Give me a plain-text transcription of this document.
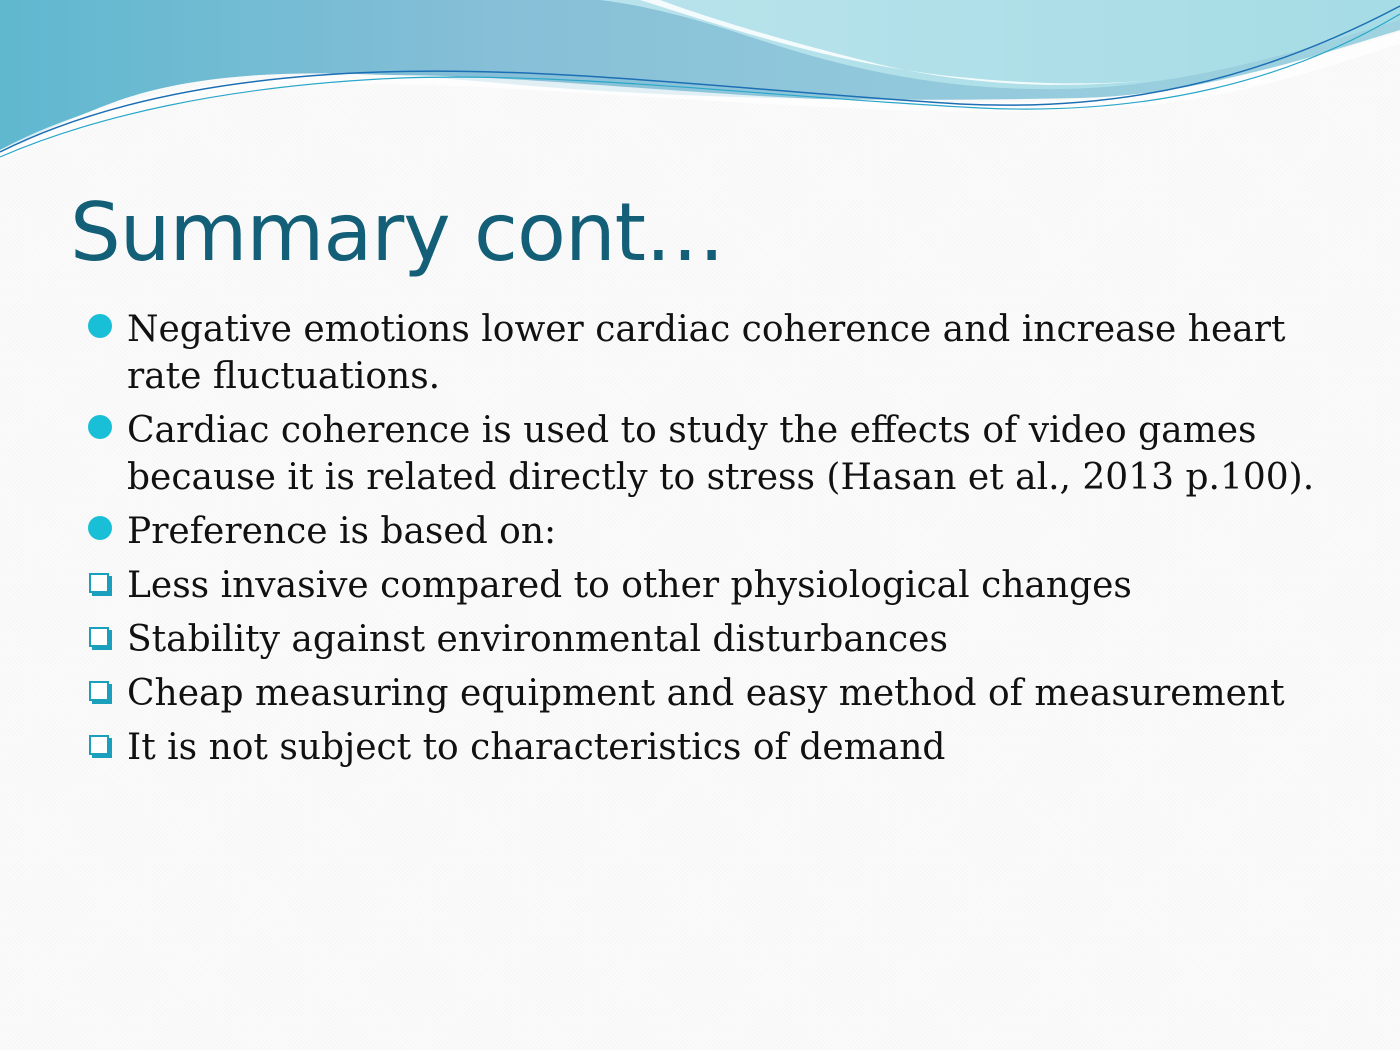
Summary cont…
Negative emotions lower cardiac coherence and increase heart rate fluctuations.
Cardiac coherence is used to study the effects of video games because it is related directly to stress (Hasan et al., 2013 p.100).
Preference is based on:
Less invasive compared to other physiological changes
Stability against environmental disturbances
Cheap measuring equipment and easy method of measurement
It is not subject to characteristics of demand
